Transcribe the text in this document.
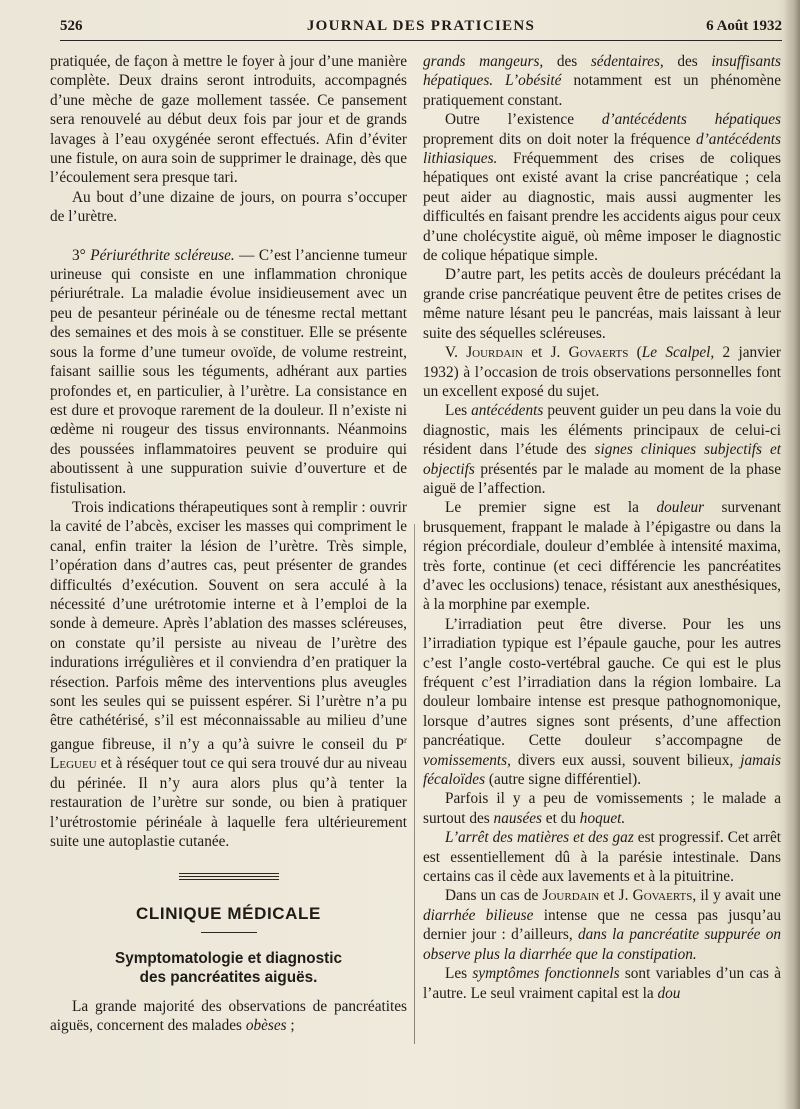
526	JOURNAL DES PRATICIENS	6 Août 1932

pratiquée, de façon à mettre le foyer à jour d’une manière complète. Deux drains seront introduits, accompagnés d’une mèche de gaze mollement tassée. Ce pansement sera renouvelé au début deux fois par jour et de grands lavages à l’eau oxygénée seront effectués. Afin d’éviter une fistule, on aura soin de supprimer le drainage, dès que l’écoulement sera presque tari.

Au bout d’une dizaine de jours, on pourra s’occuper de l’urètre.

3° Périuréthrite scléreuse. — C’est l’ancienne tumeur urineuse qui consiste en une inflammation chronique périurétrale. La maladie évolue insidieusement avec un peu de pesanteur périnéale ou de ténesme rectal mettant des semaines et des mois à se constituer. Elle se présente sous la forme d’une tumeur ovoïde, de volume restreint, faisant saillie sous les téguments, adhérant aux parties profondes et, en particulier, à l’urètre. La consistance en est dure et provoque rarement de la douleur. Il n’existe ni œdème ni rougeur des tissus environnants. Néanmoins des poussées inflammatoires peuvent se produire qui aboutissent à une suppuration suivie d’ouverture et de fistulisation.

Trois indications thérapeutiques sont à remplir : ouvrir la cavité de l’abcès, exciser les masses qui compriment le canal, enfin traiter la lésion de l’urètre. Très simple, l’opération dans d’autres cas, peut présenter de grandes difficultés d’exécution. Souvent on sera acculé à la nécessité d’une urétrotomie interne et à l’emploi de la sonde à demeure. Après l’ablation des masses scléreuses, on constate qu’il persiste au niveau de l’urètre des indurations irrégulières et il conviendra d’en pratiquer la résection. Parfois même des interventions plus aveugles sont les seules qui se puissent espérer. Si l’urètre n’a pu être cathétérisé, s’il est méconnaissable au milieu d’une gangue fibreuse, il n’y a qu’à suivre le conseil du $P^r$ Legueu et à réséquer tout ce qui sera trouvé dur au niveau du périnée. Il n’y aura alors plus qu’à tenter la restauration de l’urètre sur sonde, ou bien à pratiquer l’urétrostomie périnéale à laquelle fera ultérieurement suite une autoplastie cutanée.

CLINIQUE MÉDICALE
Symptomatologie et diagnostic
des pancréatites aiguës.

La grande majorité des observations de pancréatites aiguës, concernent des malades obèses ;

grands mangeurs, des sédentaires, des insuffisants hépatiques. L’obésité notamment est un phénomène pratiquement constant.

Outre l’existence d’antécédents hépatiques proprement dits on doit noter la fréquence d’antécédents lithiasiques. Fréquemment des crises de coliques hépatiques ont existé avant la crise pancréatique ; cela peut aider au diagnostic, mais aussi augmenter les difficultés en faisant prendre les accidents aigus pour ceux d’une cholécystite aiguë, où même imposer le diagnostic de colique hépatique simple.

D’autre part, les petits accès de douleurs précédant la grande crise pancréatique peuvent être de petites crises de même nature lésant peu le pancréas, mais laissant à leur suite des séquelles scléreuses.

V. Jourdain et J. Govaerts (Le Scalpel, 2 janvier 1932) à l’occasion de trois observations personnelles font un excellent exposé du sujet.

Les antécédents peuvent guider un peu dans la voie du diagnostic, mais les éléments principaux de celui-ci résident dans l’étude des signes cliniques subjectifs et objectifs présentés par le malade au moment de la phase aiguë de l’affection.

Le premier signe est la douleur survenant brusquement, frappant le malade à l’épigastre ou dans la région précordiale, douleur d’emblée à intensité maxima, très forte, continue (et ceci différencie les pancréatites d’avec les occlusions) tenace, résistant aux anesthésiques, à la morphine par exemple.

L’irradiation peut être diverse. Pour les uns l’irradiation typique est l’épaule gauche, pour les autres c’est l’angle costo-vertébral gauche. Ce qui est le plus fréquent c’est l’irradiation dans la région lombaire. La douleur lombaire intense est presque pathognomonique, lorsque d’autres signes sont présents, d’une affection pancréatique. Cette douleur s’accompagne de vomissements, divers eux aussi, souvent bilieux, jamais fécaloïdes (autre signe différentiel).

Parfois il y a peu de vomissements ; le malade a surtout des nausées et du hoquet.

L’arrêt des matières et des gaz est progressif. Cet arrêt est essentiellement dû à la parésie intestinale. Dans certains cas il cède aux lavements et à la pituitrine.

Dans un cas de Jourdain et J. Govaerts, il y avait une diarrhée bilieuse intense que ne cessa pas jusqu’au dernier jour : d’ailleurs, dans la pancréatite suppurée on observe plus la diarrhée que la constipation.

Les symptômes fonctionnels sont variables d’un cas à l’autre. Le seul vraiment capital est la dou
